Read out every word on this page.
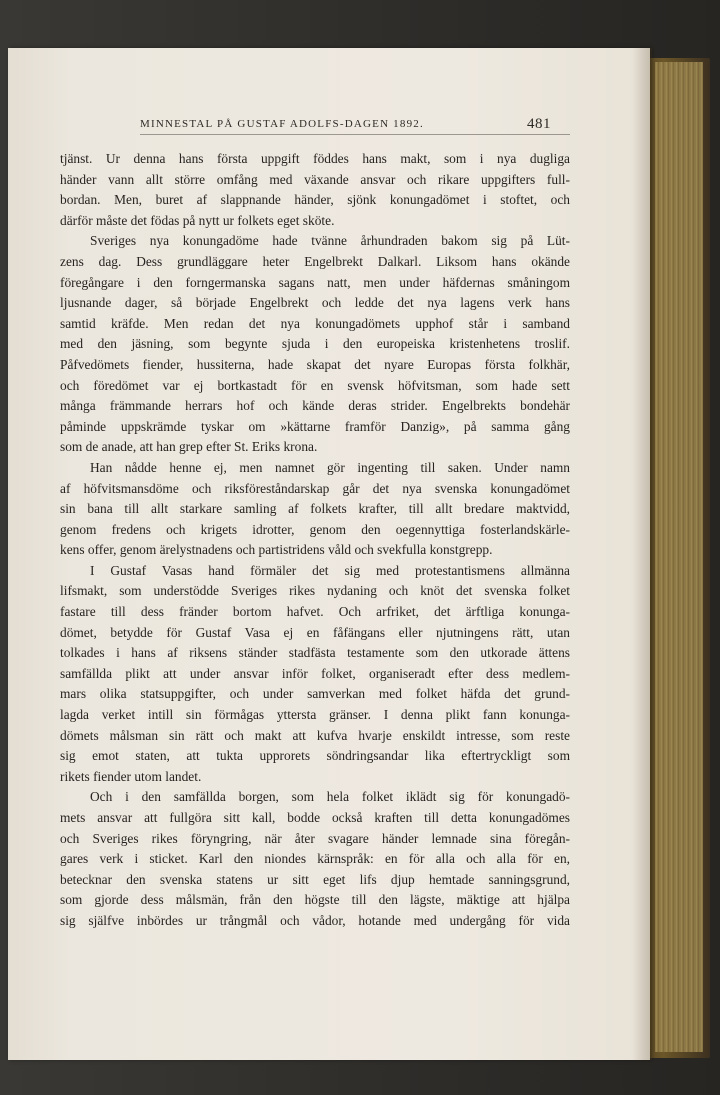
MINNESTAL PÅ GUSTAF ADOLFS-DAGEN 1892.	481
tjänst. Ur denna hans första uppgift föddes hans makt, som i nya dugliga
händer vann allt större omfång med växande ansvar och rikare uppgifters full-
bordan. Men, buret af slappnande händer, sjönk konungadömet i stoftet, och
därför måste det födas på nytt ur folkets eget sköte.
Sveriges nya konungadöme hade tvänne århundraden bakom sig på Lüt-
zens dag. Dess grundläggare heter Engelbrekt Dalkarl. Liksom hans okände
föregångare i den forngermanska sagans natt, men under häfdernas småningom
ljusnande dager, så började Engelbrekt och ledde det nya lagens verk hans
samtid kräfde. Men redan det nya konungadömets upphof står i samband
med den jäsning, som begynte sjuda i den europeiska kristenhetens troslif.
Påfvedömets fiender, hussiterna, hade skapat det nyare Europas första folkhär,
och föredömet var ej bortkastadt för en svensk höfvitsman, som hade sett
många främmande herrars hof och kände deras strider. Engelbrekts bondehär
påminde uppskrämde tyskar om »kättarne framför Danzig», på samma gång
som de anade, att han grep efter St. Eriks krona.
Han nådde henne ej, men namnet gör ingenting till saken. Under namn
af höfvitsmansdöme och riksföreståndarskap går det nya svenska konungadömet
sin bana till allt starkare samling af folkets krafter, till allt bredare maktvidd,
genom fredens och krigets idrotter, genom den oegennyttiga fosterlandskärle-
kens offer, genom ärelystnadens och partistridens våld och svekfulla konstgrepp.
I Gustaf Vasas hand förmäler det sig med protestantismens allmänna
lifsmakt, som understödde Sveriges rikes nydaning och knöt det svenska folket
fastare till dess fränder bortom hafvet. Och arfriket, det ärftliga konunga-
dömet, betydde för Gustaf Vasa ej en fåfängans eller njutningens rätt, utan
tolkades i hans af riksens ständer stadfästa testamente som den utkorade ättens
samfällda plikt att under ansvar inför folket, organiseradt efter dess medlem-
mars olika statsuppgifter, och under samverkan med folket häfda det grund-
lagda verket intill sin förmågas yttersta gränser. I denna plikt fann konunga-
dömets målsman sin rätt och makt att kufva hvarje enskildt intresse, som reste
sig emot staten, att tukta upprorets söndringsandar lika eftertryckligt som
rikets fiender utom landet.
Och i den samfällda borgen, som hela folket iklädt sig för konungadö-
mets ansvar att fullgöra sitt kall, bodde också kraften till detta konungadömes
och Sveriges rikes föryngring, när åter svagare händer lemnade sina föregån-
gares verk i sticket. Karl den niondes kärnspråk: en för alla och alla för en,
betecknar den svenska statens ur sitt eget lifs djup hemtade sanningsgrund,
som gjorde dess målsmän, från den högste till den lägste, mäktige att hjälpa
sig själfve inbördes ur trångmål och vådor, hotande med undergång för vida
